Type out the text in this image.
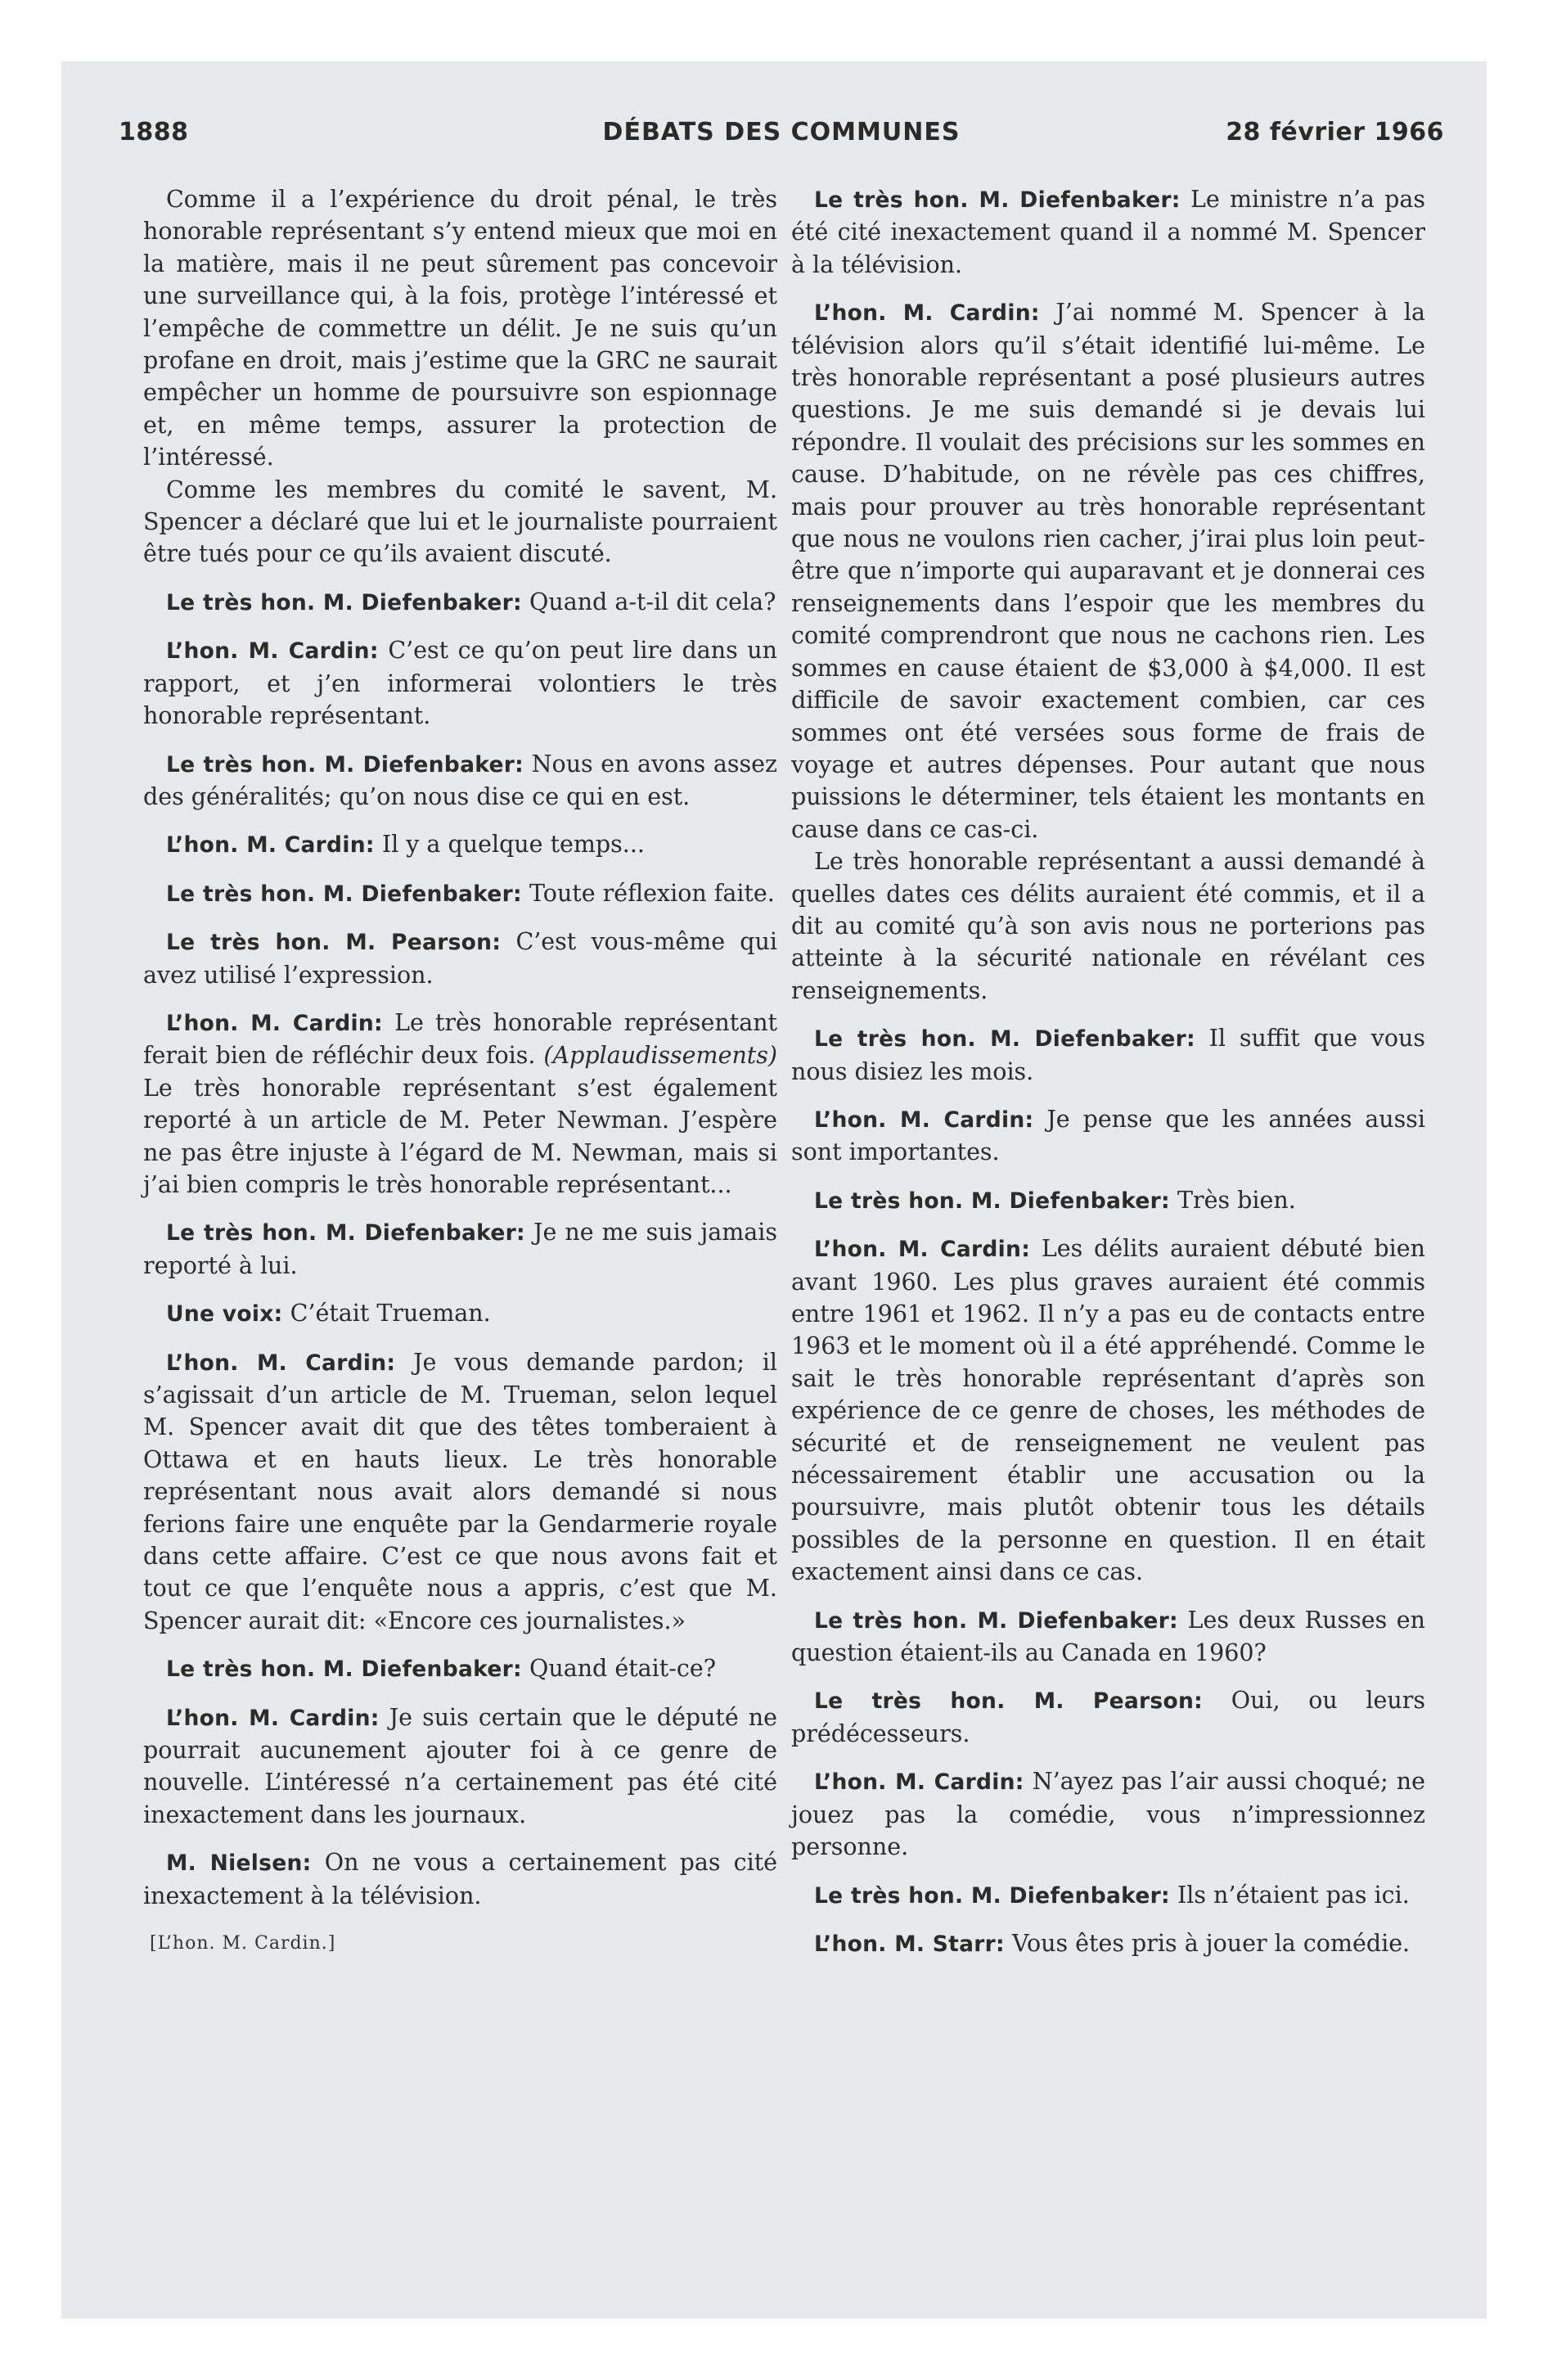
1888	DÉBATS DES COMMUNES	28 février 1966

Comme il a l’expérience du droit pénal, le très honorable représentant s’y entend mieux que moi en la matière, mais il ne peut sûrement pas concevoir une surveillance qui, à la fois, protège l’intéressé et l’empêche de commettre un délit. Je ne suis qu’un profane en droit, mais j’estime que la GRC ne saurait empêcher un homme de poursuivre son espionnage et, en même temps, assurer la protection de l’intéressé.

Comme les membres du comité le savent, M. Spencer a déclaré que lui et le journaliste pourraient être tués pour ce qu’ils avaient discuté.

Le très hon. M. Diefenbaker: Quand a-t-il dit cela?

L’hon. M. Cardin: C’est ce qu’on peut lire dans un rapport, et j’en informerai volontiers le très honorable représentant.

Le très hon. M. Diefenbaker: Nous en avons assez des généralités; qu’on nous dise ce qui en est.

L’hon. M. Cardin: Il y a quelque temps...

Le très hon. M. Diefenbaker: Toute réflexion faite.

Le très hon. M. Pearson: C’est vous-même qui avez utilisé l’expression.

L’hon. M. Cardin: Le très honorable représentant ferait bien de réfléchir deux fois. (Applaudissements) Le très honorable représentant s’est également reporté à un article de M. Peter Newman. J’espère ne pas être injuste à l’égard de M. Newman, mais si j’ai bien compris le très honorable représentant...

Le très hon. M. Diefenbaker: Je ne me suis jamais reporté à lui.

Une voix: C’était Trueman.

L’hon. M. Cardin: Je vous demande pardon; il s’agissait d’un article de M. Trueman, selon lequel M. Spencer avait dit que des têtes tomberaient à Ottawa et en hauts lieux. Le très honorable représentant nous avait alors demandé si nous ferions faire une enquête par la Gendarmerie royale dans cette affaire. C’est ce que nous avons fait et tout ce que l’enquête nous a appris, c’est que M. Spencer aurait dit: «Encore ces journalistes.»

Le très hon. M. Diefenbaker: Quand était-ce?

L’hon. M. Cardin: Je suis certain que le député ne pourrait aucunement ajouter foi à ce genre de nouvelle. L’intéressé n’a certainement pas été cité inexactement dans les journaux.

M. Nielsen: On ne vous a certainement pas cité inexactement à la télévision.

[L’hon. M. Cardin.]

Le très hon. M. Diefenbaker: Le ministre n’a pas été cité inexactement quand il a nommé M. Spencer à la télévision.

L’hon. M. Cardin: J’ai nommé M. Spencer à la télévision alors qu’il s’était identifié lui-même. Le très honorable représentant a posé plusieurs autres questions. Je me suis demandé si je devais lui répondre. Il voulait des précisions sur les sommes en cause. D’habitude, on ne révèle pas ces chiffres, mais pour prouver au très honorable représentant que nous ne voulons rien cacher, j’irai plus loin peut-être que n’importe qui auparavant et je donnerai ces renseignements dans l’espoir que les membres du comité comprendront que nous ne cachons rien. Les sommes en cause étaient de $3,000 à $4,000. Il est difficile de savoir exactement combien, car ces sommes ont été versées sous forme de frais de voyage et autres dépenses. Pour autant que nous puissions le déterminer, tels étaient les montants en cause dans ce cas-ci.

Le très honorable représentant a aussi demandé à quelles dates ces délits auraient été commis, et il a dit au comité qu’à son avis nous ne porterions pas atteinte à la sécurité nationale en révélant ces renseignements.

Le très hon. M. Diefenbaker: Il suffit que vous nous disiez les mois.

L’hon. M. Cardin: Je pense que les années aussi sont importantes.

Le très hon. M. Diefenbaker: Très bien.

L’hon. M. Cardin: Les délits auraient débuté bien avant 1960. Les plus graves auraient été commis entre 1961 et 1962. Il n’y a pas eu de contacts entre 1963 et le moment où il a été appréhendé. Comme le sait le très honorable représentant d’après son expérience de ce genre de choses, les méthodes de sécurité et de renseignement ne veulent pas nécessairement établir une accusation ou la poursuivre, mais plutôt obtenir tous les détails possibles de la personne en question. Il en était exactement ainsi dans ce cas.

Le très hon. M. Diefenbaker: Les deux Russes en question étaient-ils au Canada en 1960?

Le très hon. M. Pearson: Oui, ou leurs prédécesseurs.

L’hon. M. Cardin: N’ayez pas l’air aussi choqué; ne jouez pas la comédie, vous n’impressionnez personne.

Le très hon. M. Diefenbaker: Ils n’étaient pas ici.

L’hon. M. Starr: Vous êtes pris à jouer la comédie.
